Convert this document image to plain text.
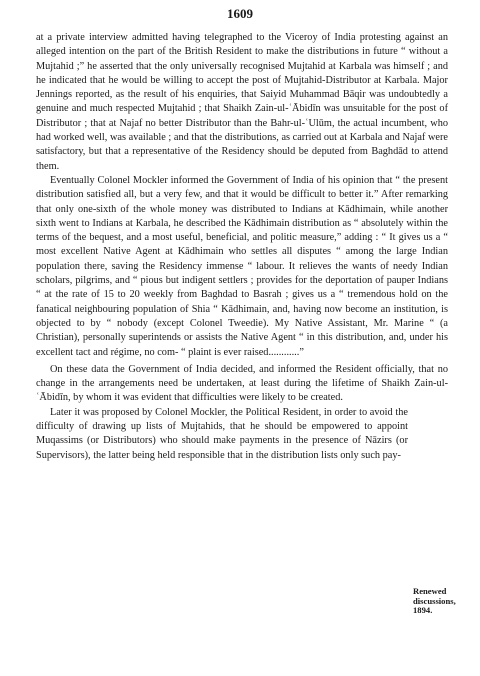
1609

at a private interview admitted having telegraphed to the Viceroy of India protesting against an alleged intention on the part of the British Resident to make the distributions in future “ without a Mujtahid ;” he asserted that the only universally recognised Mujtahid at Karbala was himself ; and he indicated that he would be willing to accept the post of Mujtahid-Distributor at Karbala. Major Jennings reported, as the result of his enquiries, that Saiyid Muhammad Bāqir was undoubtedly a genuine and much respected Mujtahid ; that Shaikh Zain-ul-ʿĀbidīn was unsuitable for the post of Distributor ; that at Najaf no better Distributor than the Bahr-ul-ʿUlūm, the actual incumbent, who had worked well, was available ; and that the distributions, as carried out at Karbala and Najaf were satisfactory, but that a representative of the Residency should be deputed from Baghdād to attend them.

Eventually Colonel Mockler informed the Government of India of his opinion that “ the present distribution satisfied all, but a very few, and that it would be difficult to better it.” After remarking that only one-sixth of the whole money was distributed to Indians at Kādhimain, while another sixth went to Indians at Karbala, he described the Kādhimain distribution as “ absolutely within the terms of the bequest, and a most useful, beneficial, and politic measure,” adding : “ It gives us a “ most excellent Native Agent at Kādhimain who settles all disputes “ among the large Indian population there, saving the Residency immense “ labour. It relieves the wants of needy Indian scholars, pilgrims, and “ pious but indigent settlers ; provides for the deportation of pauper Indians “ at the rate of 15 to 20 weekly from Baghdad to Basrah ; gives us a “ tremendous hold on the fanatical neighbouring population of Shia “ Kādhimain, and, having now become an institution, is objected to by “ nobody (except Colonel Tweedie). My Native Assistant, Mr. Marine “ (a Christian), personally superintends or assists the Native Agent “ in this distribution, and, under his excellent tact and régime, no com- “ plaint is ever raised............”

On these data the Government of India decided, and informed the Resident officially, that no change in the arrangements need be undertaken, at least during the lifetime of Shaikh Zain-ul-ʿĀbidīn, by whom it was evident that difficulties were likely to be created.

Later it was proposed by Colonel Mockler, the Political Resident, in order to avoid the difficulty of drawing up lists of Mujtahids, that he should be empowered to appoint Muqassims (or Distributors) who should make payments in the presence of Nāzirs (or Supervisors), the latter being held responsible that in the distribution lists only such pay-

Renewed
discussions,
1894.
